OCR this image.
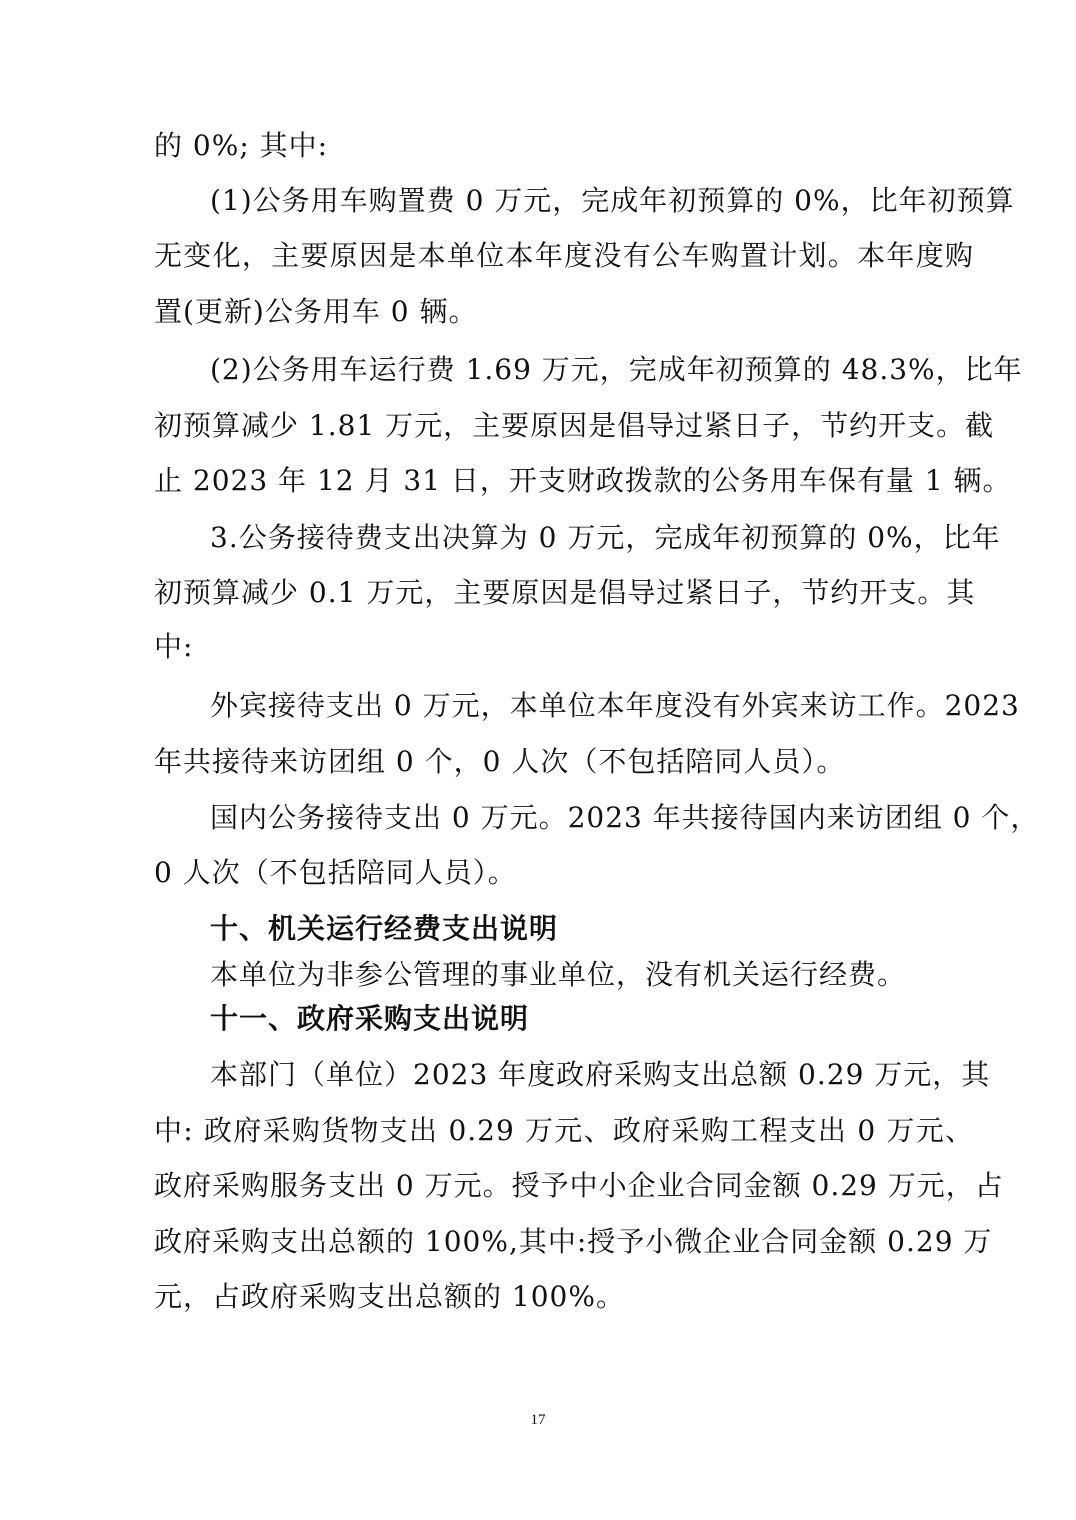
的 0%; 其中:
(1)公务用车购置费 0 万元，完成年初预算的 0%，比年初预算
无变化，主要原因是本单位本年度没有公车购置计划。本年度购
置(更新)公务用车 0 辆。
(2)公务用车运行费 1.69 万元，完成年初预算的 48.3%，比年
初预算减少 1.81 万元，主要原因是倡导过紧日子，节约开支。截
止 2023 年 12 月 31 日，开支财政拨款的公务用车保有量 1 辆。
3.公务接待费支出决算为 0 万元，完成年初预算的 0%，比年
初预算减少 0.1 万元，主要原因是倡导过紧日子，节约开支。其
中:
外宾接待支出 0 万元，本单位本年度没有外宾来访工作。2023
年共接待来访团组 0 个，0 人次（不包括陪同人员）。
国内公务接待支出 0 万元。2023 年共接待国内来访团组 0 个，
0 人次（不包括陪同人员）。
十、机关运行经费支出说明
本单位为非参公管理的事业单位，没有机关运行经费。
十一、政府采购支出说明
本部门（单位）2023 年度政府采购支出总额 0.29 万元，其
中: 政府采购货物支出 0.29 万元、政府采购工程支出 0 万元、
政府采购服务支出 0 万元。授予中小企业合同金额 0.29 万元，占
政府采购支出总额的 100%,其中:授予小微企业合同金额 0.29 万
元，占政府采购支出总额的 100%。
17
